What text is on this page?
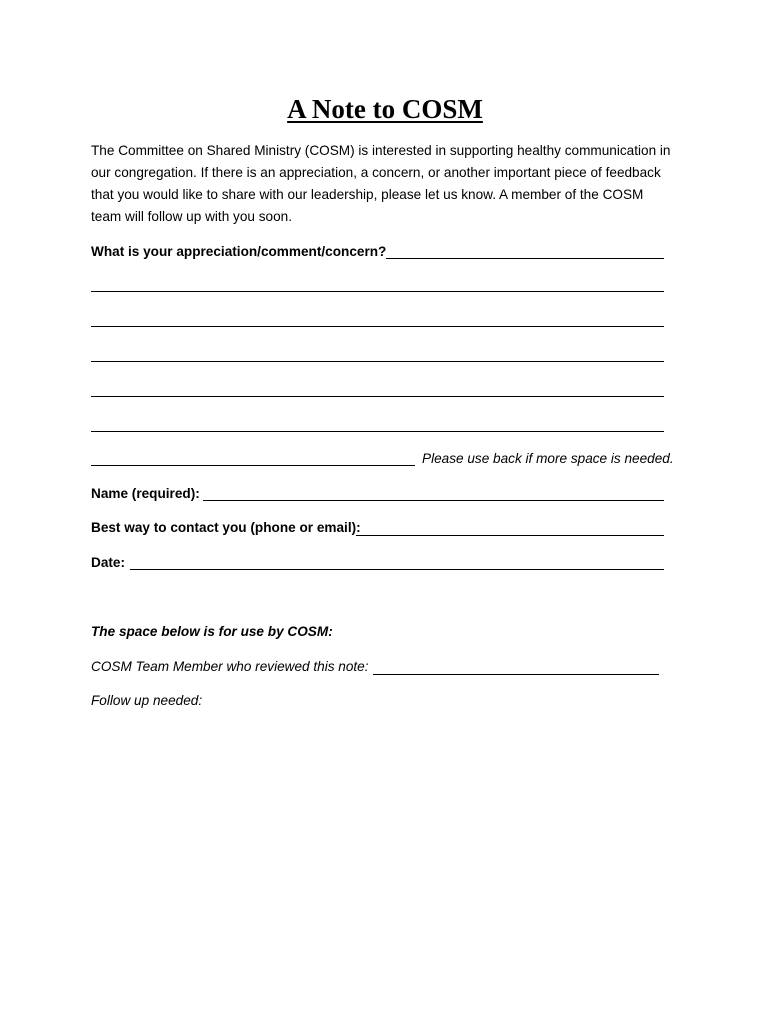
A Note to COSM

The Committee on Shared Ministry (COSM) is interested in supporting healthy communication in our congregation. If there is an appreciation, a concern, or another important piece of feedback that you would like to share with our leadership, please let us know. A member of the COSM team will follow up with you soon.

What is your appreciation/comment/concern?
Please use back if more space is needed.
Name (required):
Best way to contact you (phone or email):
Date:
The space below is for use by COSM:
COSM Team Member who reviewed this note:
Follow up needed:
